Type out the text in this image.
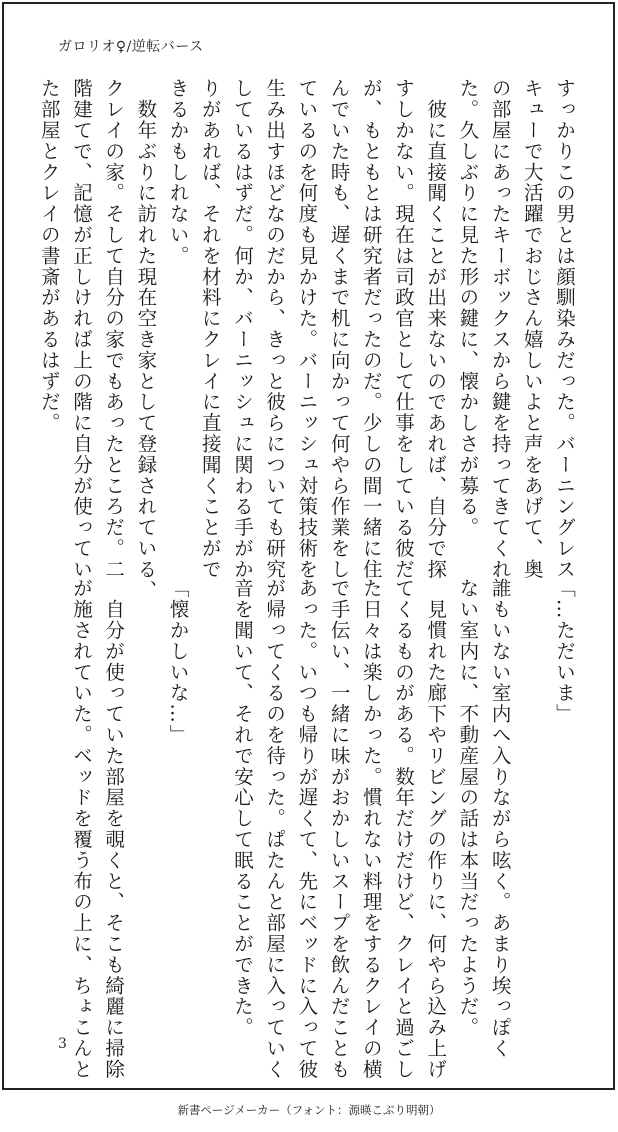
ガロリオ♀/逆転バース
すっかりこの男とは顔馴染みだった。バーニングレス
キューで大活躍でおじさん嬉しいよと声をあげて、奥
の部屋にあったキーボックスから鍵を持ってきてくれ
た。久しぶりに見た形の鍵に、懐かしさが募る。
　彼に直接聞くことが出来ないのであれば、自分で探
すしかない。現在は司政官として仕事をしている彼だ
が、もともとは研究者だったのだ。少しの間一緒に住
んでいた時も、遅くまで机に向かって何やら作業をし
ているのを何度も見かけた。バーニッシュ対策技術を
生み出すほどなのだから、きっと彼らについても研究
しているはずだ。何か、バーニッシュに関わる手がか
りがあれば、それを材料にクレイに直接聞くことがで
きるかもしれない。
　数年ぶりに訪れた現在空き家として登録されている、
クレイの家。そして自分の家でもあったところだ。二
階建てで、記憶が正しければ上の階に自分が使ってい
た部屋とクレイの書斎があるはずだ。
「…ただいま」

誰もいない室内へ入りながら呟く。あまり埃っぽく
ない室内に、不動産屋の話は本当だったようだ。
　見慣れた廊下やリビングの作りに、何やら込み上げ
てくるものがある。数年だけだけど、クレイと過ごし
た日々は楽しかった。慣れない料理をするクレイの横
で手伝い、一緒に味がおかしいスープを飲んだことも
あった。いつも帰りが遅くて、先にベッドに入って彼
が帰ってくるのを待った。ぱたんと部屋に入っていく
音を聞いて、それで安心して眠ることができた。

「懐かしいな…」

　自分が使っていた部屋を覗くと、そこも綺麗に掃除
が施されていた。ベッドを覆う布の上に、ちょこんと
3
新書ページメーカー（フォント：源暎こぶり明朝）
